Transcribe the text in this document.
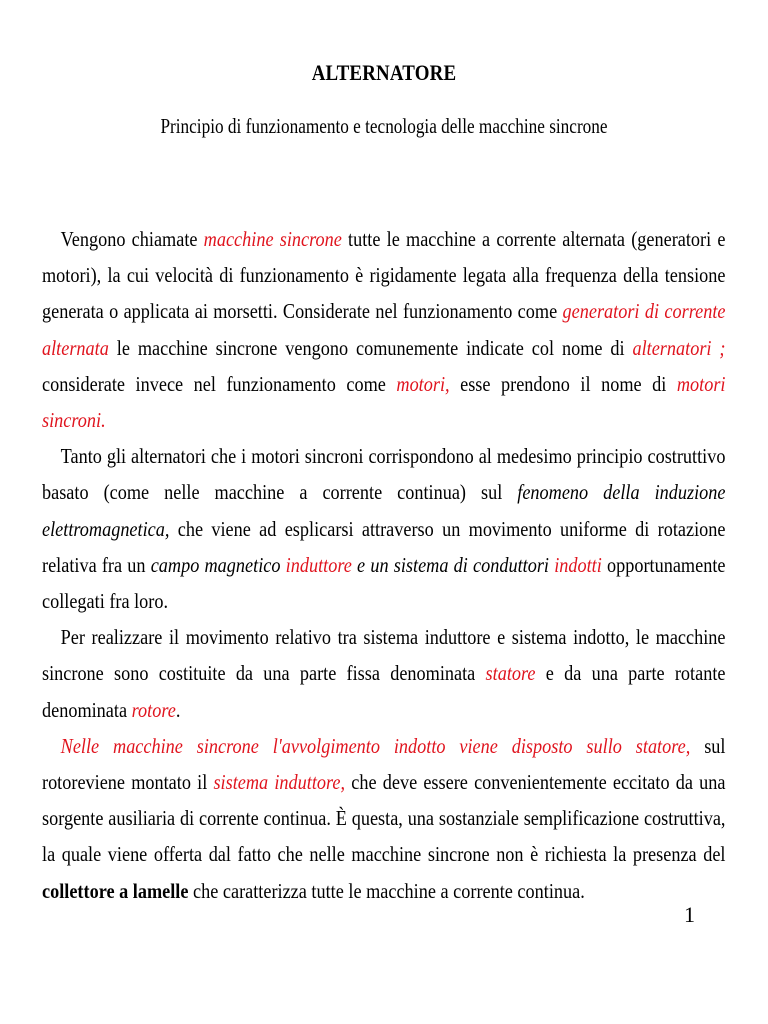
ALTERNATORE
Principio di funzionamento e tecnologia delle macchine sincrone

Vengono chiamate macchine sincrone tutte le macchine a corrente alternata (generatori e motori), la cui velocità di funzionamento è rigidamente legata alla frequenza della tensione generata o applicata ai morsetti. Considerate nel funzionamento come generatori di corrente alternata le macchine sincrone vengono comunemente indicate col nome di alternatori ; considerate invece nel funzionamento come motori, esse prendono il nome di motori sincroni.

Tanto gli alternatori che i motori sincroni corrispondono al medesimo principio costruttivo basato (come nelle macchine a corrente continua) sul fenomeno della induzione elettromagnetica, che viene ad esplicarsi attraverso un movimento uniforme di rotazione relativa fra un campo magnetico induttore e un sistema di conduttori indotti opportunamente collegati fra loro.

Per realizzare il movimento relativo tra sistema induttore e sistema indotto, le macchine sincrone sono costituite da una parte fissa denominata statore e da una parte rotante denominata rotore.

Nelle macchine sincrone l'avvolgimento indotto viene disposto sullo statore, sul rotoreviene montato il sistema induttore, che deve essere convenientemente eccitato da una sorgente ausiliaria di corrente continua. È questa, una sostanziale semplificazione costruttiva, la quale viene offerta dal fatto che nelle macchine sincrone non è richiesta la presenza del collettore a lamelle che caratterizza tutte le macchine a corrente continua.

1
